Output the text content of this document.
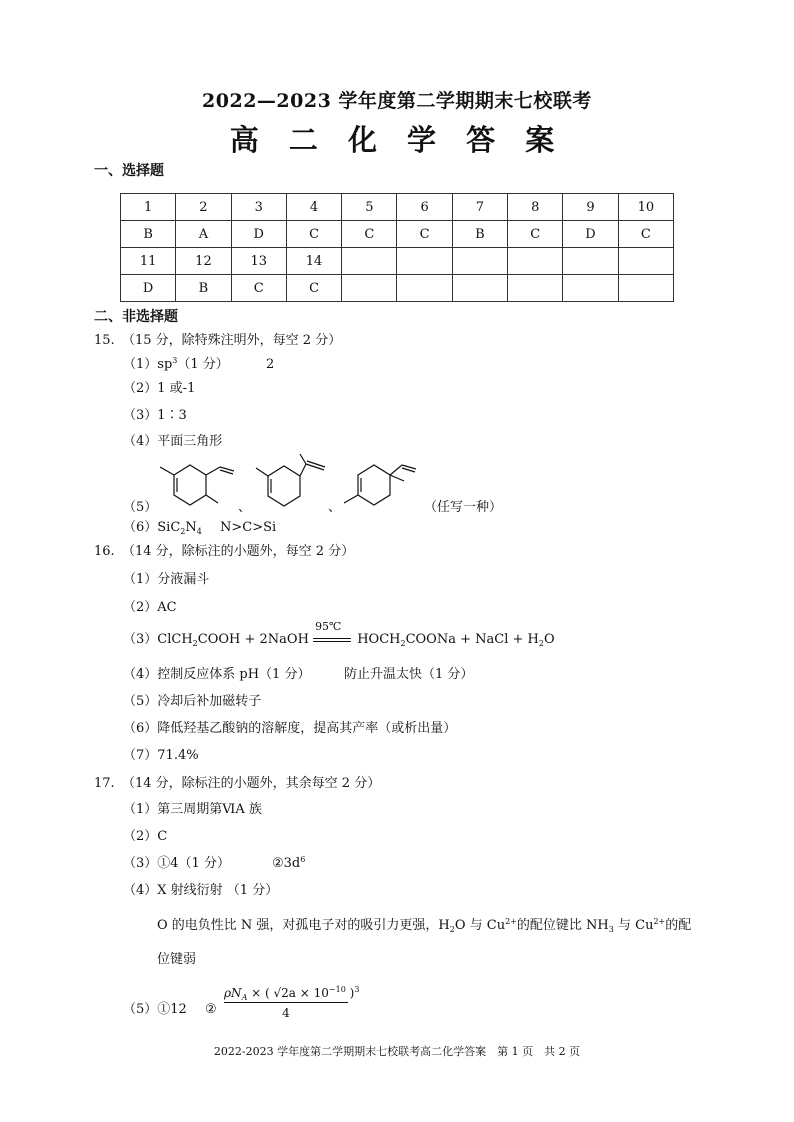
2022—2023 学年度第二学期期末七校联考
高 二 化 学 答 案
一、选择题
1	2	3	4	5	6	7	8	9	10
B	A	D	C	C	C	B	C	D	C
11	12	13	14						
D	B	C	C						
二、非选择题
15. （15 分，除特殊注明外，每空 2 分）
$(1)sp^3(1$ 分）	2
（2）1 或-1
（3）1∶3
（4）平面三角形
（5）	、	、	（任写一种）
$(6)SiC_2N_4$ N>C>Si
16. （14 分，除标注的小题外，每空 2 分）
（1）分液漏斗
（2）AC
（3）ClCH$_2$COOH + 2NaOH
95℃
$HOCH_2COONa$ + NaCl + $H_2O$
（4）控制反应体系 pH（1 分）	防止升温太快（1 分）
（5）冷却后补加磁转子
（6）降低羟基乙酸钠的溶解度，提高其产率（或析出量）
（7）71.4%
17. （14 分，除标注的小题外，其余每空 2 分）
（1）第三周期第ⅥA 族
（2）C
（3）①4（1 分）	$②3d^6$
（4）X 射线衍射 （1 分）
O 的电负性比 N 强，对孤电子对的吸引力更强，$H_2O$ 与 $Cu^{2+}$的配位键比 $NH_3$ 与 $Cu^{2+}$的配
位键弱
（5）①12 ②
$\rho N_A$ × ( $√2a \times 10^{-10}$ )$^3$
4
2022-2023 学年度第二学期期末七校联考高二化学答案　第 1 页　共 2 页
